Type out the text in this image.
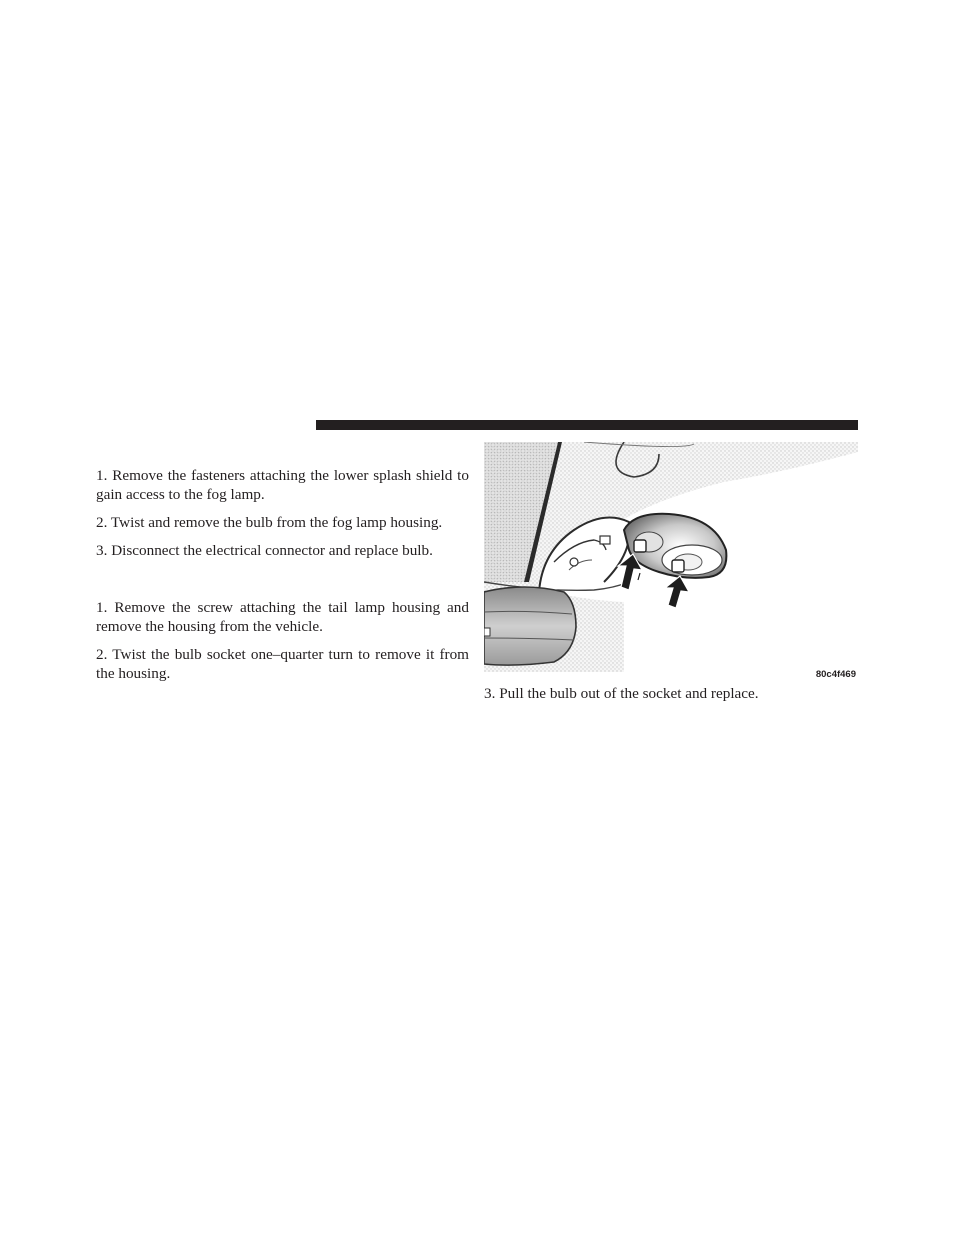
1. Remove the fasteners attaching the lower splash shield to gain access to the fog lamp.

2. Twist and remove the bulb from the fog lamp housing.

3. Disconnect the electrical connector and replace bulb.

1. Remove the screw attaching the tail lamp housing and remove the housing from the vehicle.

2. Twist the bulb socket one–quarter turn to remove it from the housing.	80c4f469

3. Pull the bulb out of the socket and replace.
